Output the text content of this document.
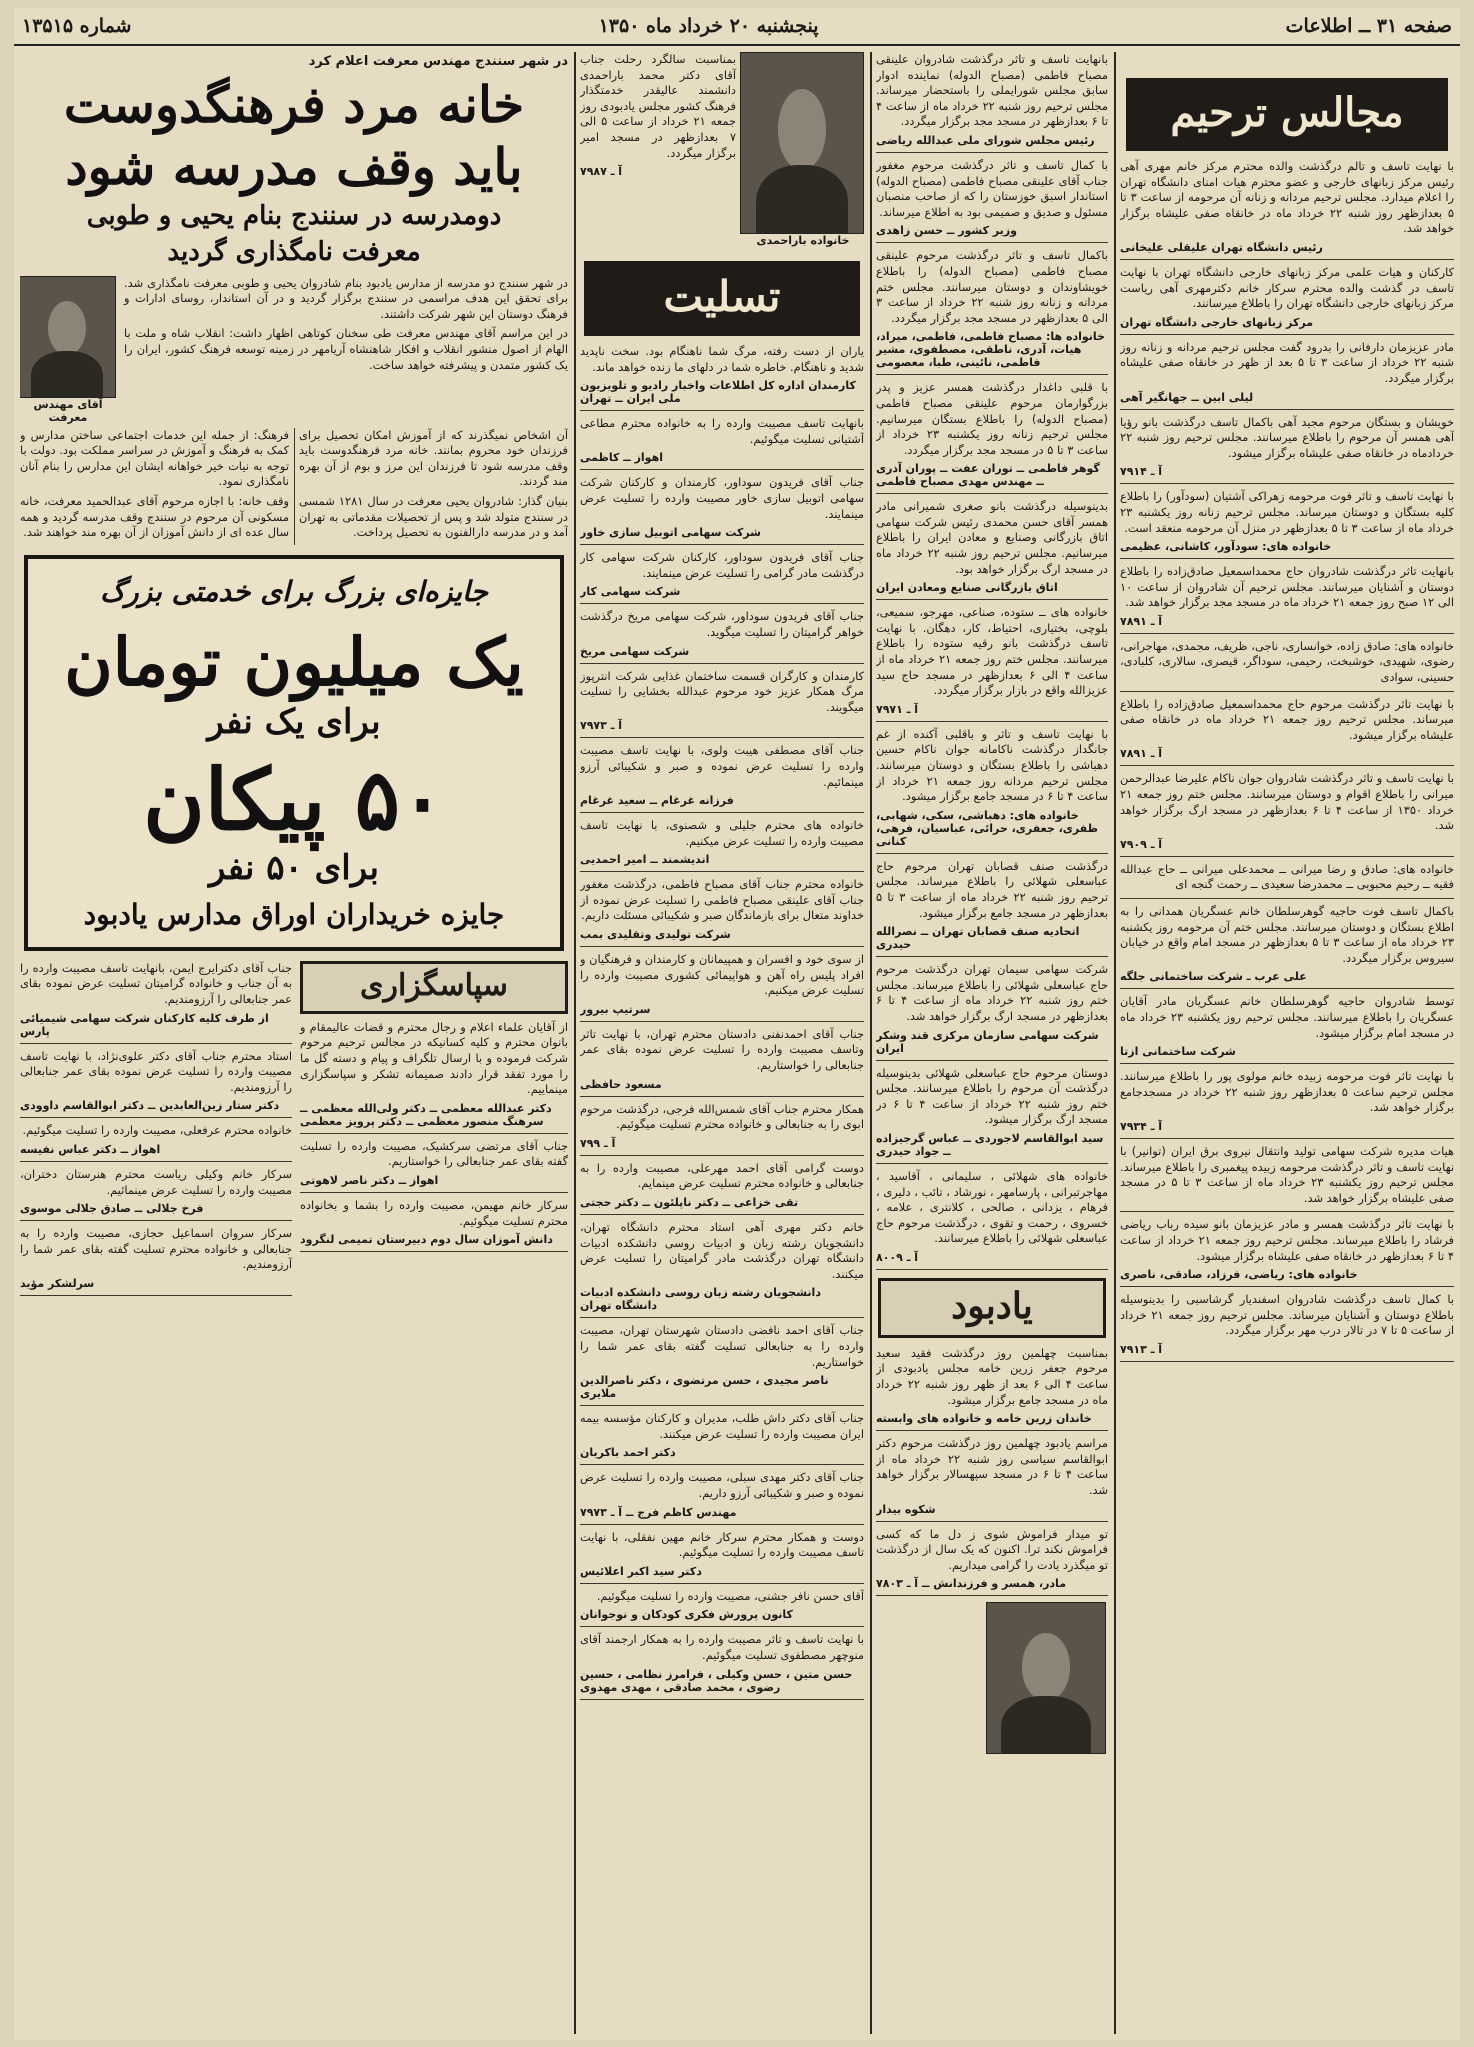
صفحه ۳۱ ــ اطلاعات
پنجشنبه ۲۰ خرداد ماه ۱۳۵۰
شماره ۱۳۵۱۵
مجالس ترحیم

با نهایت تاسف و تالم درگذشت والده محترم مرکز خانم مهری آهی رئیس مرکز زبانهای خارجی و عضو محترم هیات امنای دانشگاه تهران را اعلام میدارد. مجلس ترحیم مردانه و زنانه آن مرحومه از ساعت ۳ تا ۵ بعدازظهر روز شنبه ۲۲ خرداد ماه در خانقاه صفی علیشاه برگزار خواهد شد.

رئیس دانشگاه تهران عليقلی علیخانی

کارکنان و هیات علمی مرکز زبانهای خارجی دانشگاه تهران با نهایت تاسف در گذشت والده محترم سرکار خانم دکترمهری آهی ریاست مرکز زبانهای خارجی دانشگاه تهران را باطلاع میرسانند.

مرکز زبانهای خارجی دانشگاه تهران

مادر عزیزمان دارفانی را بدرود گفت مجلس ترحیم مردانه و زنانه روز شنبه ۲۲ خرداد از ساعت ۳ تا ۵ بعد از ظهر در خانقاه صفی علیشاه برگزار میگردد.

لیلی ابین ــ جهانگیر آهی

خویشان و بستگان مرحوم مجید آهی باکمال تاسف درگذشت بانو رؤیا آهی همسر آن مرحوم را باطلاع میرسانند. مجلس ترحیم روز شنبه ۲۲ خردادماه در خانقاه صفی علیشاه برگزار میشود.

آ ـ ۷۹۱۴

با نهایت تاسف و تاثر فوت مرحومه زهراکی آشتیان (سودآور) را باطلاع کلیه بستگان و دوستان میرساند. مجلس ترحیم زنانه روز یکشنبه ۲۳ خرداد ماه از ساعت ۳ تا ۵ بعدازظهر در منزل آن مرحومه منعقد است.

خانواده های: سودآور، کاشانی، عظیمی

بانهایت تاثر درگذشت شادروان حاج محمداسمعیل صادق‌زاده را باطلاع دوستان و آشنایان میرسانند. مجلس ترحیم آن شادروان از ساعت ۱۰ الی ۱۲ صبح روز جمعه ۲۱ خرداد ماه در مسجد مجد برگزار خواهد شد.

آ ـ ۷۸۹۱

خانواده های: صادق زاده، خوانساری، ناجی، ظریف، مجمدی، مهاجرانی، رضوی، شهیدی، خوشبخت، رحیمی، سوداگر، قیصری، سالاری، کلبادی، حسینی، سوادی

با نهایت تاثر درگذشت مرحوم حاج محمداسمعیل صادق‌زاده را باطلاع میرساند. مجلس ترحیم روز جمعه ۲۱ خرداد ماه در خانقاه صفی علیشاه برگزار میشود.

آ ـ ۷۸۹۱

با نهایت تاسف و تاثر درگذشت شادروان جوان ناکام علیرضا عبدالرحمن میرانی را باطلاع اقوام و دوستان میرسانند. مجلس ختم روز جمعه ۲۱ خرداد ۱۳۵۰ از ساعت ۴ تا ۶ بعدازظهر در مسجد ارگ برگزار خواهد شد.

آ ـ ۷۹۰۹

خانواده های: صادق و رضا میرانی ــ محمدعلی میرانی ــ حاج عبدالله فقیه ــ رحیم محبوبی ــ محمدرضا سعیدی ــ رحمت گنجه ای

باکمال تاسف فوت حاجیه گوهرسلطان خانم عسگریان همدانی را به اطلاع بستگان و دوستان میرسانند. مجلس ختم آن مرحومه روز یکشنبه ۲۳ خرداد ماه از ساعت ۳ تا ۵ بعدازظهر در مسجد امام واقع در خیابان سیروس برگزار میگردد.

علی عرب ـ شرکت ساختمانی جلگه

توسط شادروان حاجیه گوهرسلطان خانم عسگریان مادر آقایان عسگریان را باطلاع میرسانند. مجلس ترحیم روز یکشنبه ۲۳ خرداد ماه در مسجد امام برگزار میشود.

شرکت ساختمانی ازتا

با نهایت تاثر فوت مرحومه زبیده خانم مولوی پور را باطلاع میرسانند. مجلس ترحیم ساعت ۵ بعدازظهر روز شنبه ۲۲ خرداد در مسجدجامع برگزار خواهد شد.

آ ـ ۷۹۳۴

هیات مدیره شرکت سهامی تولید وانتقال نیروی برق ایران (توانیر) با نهایت تاسف و تاثر درگذشت مرحومه زبیده پیغمبری را باطلاع میرساند. مجلس ترحیم روز یکشنبه ۲۳ خرداد ماه از ساعت ۳ تا ۵ در مسجد صفی علیشاه برگزار خواهد شد.

با نهایت تاثر درگذشت همسر و مادر عزیزمان بانو سیده رباب ریاضی فرشاد را باطلاع میرساند. مجلس ترحیم روز جمعه ۲۱ خرداد از ساعت ۴ تا ۶ بعدازظهر در خانقاه صفی علیشاه برگزار میشود.

خانواده های: ریاضی، فرزاد، صادقی، ناصری

با کمال تاسف درگذشت شادروان اسفندیار گرشاسبی را بدینوسیله باطلاع دوستان و آشنایان میرساند. مجلس ترحیم روز جمعه ۲۱ خرداد از ساعت ۵ تا ۷ در تالار درب مهر برگزار میگردد.

آ ـ ۷۹۱۳

بانهایت تاسف و تاثر درگذشت شادروان علینقی مصباح فاطمی (مصباح الدوله) نماینده ادوار سابق مجلس شورایملی را باستحضار میرساند. مجلس ترحیم روز شنبه ۲۲ خرداد ماه از ساعت ۴ تا ۶ بعدازظهر در مسجد مجد برگزار میگردد.

رئیس مجلس شورای ملی عبدالله ریاضی

با کمال تاسف و تاثر درگذشت مرحوم مغفور جناب آقای علینقی مصباح فاطمی (مصباح الدوله) استاندار اسبق خوزستان را که از صاحب منصبان مسئول و صدیق و صمیمی بود به اطلاع میرساند.

وزیر کشور ــ حسن زاهدی

باکمال تاسف و تاثر درگذشت مرحوم علینقی مصباح فاطمی (مصباح الدوله) را باطلاع خویشاوندان و دوستان میرسانند. مجلس ختم مردانه و زنانه روز شنبه ۲۲ خرداد از ساعت ۳ الی ۵ بعدازظهر در مسجد مجد برگزار میگردد.

خانواده ها: مصباح فاطمی، فاطمی، میراد، هیات، آدری، ناطقی، مصطفوی، مشیر فاطمی، نائینی، طبا، معصومی

با قلبی داغدار درگذشت همسر عزیز و پدر بزرگوارمان مرحوم علینقی مصباح فاطمی (مصباح الدوله) را باطلاع بستگان میرسانیم. مجلس ترحیم زنانه روز یکشنبه ۲۳ خرداد از ساعت ۳ تا ۵ در مسجد مجد برگزار میگردد.

گوهر فاطمی ــ توران عفت ــ پوران آذری ــ مهندس مهدی مصباح فاطمی

بدینوسیله درگذشت بانو صغری شمیرانی مادر همسر آقای حسن محمدی رئیس شرکت سهامی اتاق بازرگانی وصنایع و معادن ایران را باطلاع میرسانیم. مجلس ترحیم روز شنبه ۲۲ خرداد ماه در مسجد ارگ برگزار خواهد بود.

اتاق بازرگانی صنایع ومعادن ایران

خانواده های ــ ستوده، صناعی، مهرجو، سمیعی، بلوچی، بختیاری، احتیاط، کار، دهگان. با نهایت تاسف درگذشت بانو رقیه ستوده را باطلاع میرسانند. مجلس ختم روز جمعه ۲۱ خرداد ماه از ساعت ۴ الی ۶ بعدازظهر در مسجد حاج سید عزیزالله واقع در بازار برگزار میگردد.

آ ـ ۷۹۷۱

با نهایت تاسف و تاثر و باقلبی آکنده از غم جانگداز درگذشت ناکامانه جوان ناکام حسین دهباشی را باطلاع بستگان و دوستان میرسانند. مجلس ترحیم مردانه روز جمعه ۲۱ خرداد از ساعت ۴ تا ۶ در مسجد جامع برگزار میشود.

خانواده های: دهباشی، سکی، شهابی، ظفری، جعفری، حرائی، عباسیان، فرهی، کنانی

درگذشت صنف قصابان تهران مرحوم حاج عباسعلی شهلائی را باطلاع میرساند. مجلس ترحیم روز شنبه ۲۲ خرداد ماه از ساعت ۳ تا ۵ بعدازظهر در مسجد جامع برگزار میشود.

اتحادیه صنف قصابان تهران ــ نصرالله حیدری

شرکت سهامی سیمان تهران درگذشت مرحوم حاج عباسعلی شهلائی را باطلاع میرساند. مجلس ختم روز شنبه ۲۲ خرداد ماه از ساعت ۴ تا ۶ بعدازظهر در مسجد ارگ برگزار خواهد شد.

شرکت سهامی سازمان مرکزی قند وشکر ایران

دوستان مرحوم حاج عباسعلی شهلائی بدینوسیله درگذشت آن مرحوم را باطلاع میرسانند. مجلس ختم روز شنبه ۲۲ خرداد از ساعت ۴ تا ۶ در مسجد ارگ برگزار میشود.

سید ابوالقاسم لاجوردی ــ عباس گرجیزاده ــ جواد حیدری

خانواده های شهلائی ، سلیمانی ، آقاسید ، مهاجرتبرانی ، پارسامهر ، نورشاد ، تائب ، دلیری ، فرهام ، یزدانی ، صالحی ، کلانتری ، علامه ، خسروی ، رحمت و تقوی ، درگذشت مرحوم حاج عباسعلی شهلائی را باطلاع میرسانند.

آ ـ ۸۰۰۹

یادبود

بمناسبت چهلمین روز درگذشت فقید سعید مرحوم جعفر زرین خامه مجلس یادبودی از ساعت ۴ الی ۶ بعد از ظهر روز شنبه ۲۲ خرداد ماه در مسجد جامع برگزار میشود.

خاندان زرین خامه و خانواده های وابسته

مراسم یادبود چهلمین روز درگذشت مرحوم دکتر ابوالقاسم سیاسی روز شنبه ۲۲ خرداد ماه از ساعت ۴ تا ۶ در مسجد سپهسالار برگزار خواهد شد.

شکوه بیدار

تو میدار فراموش شوی ز دل ما که کسی فراموش نکند ترا. اکنون که یک سال از درگذشت تو میگذرد یادت را گرامی میداریم.

مادر، همسر و فرزندانش ــ آ ـ ۷۸۰۳

خانواده باراحمدی

بمناسبت سالگرد رحلت جناب آقای دکتر محمد باراحمدی دانشمند عالیقدر خدمتگذار فرهنگ کشور مجلس یادبودی روز جمعه ۲۱ خرداد از ساعت ۵ الی ۷ بعدازظهر در مسجد امیر برگزار میگردد.

آ ـ ۷۹۸۷

تسلیت

یاران از دست رفته، مرگ شما ناهنگام بود. سخت ناپدید شدید و ناهنگام. خاطره شما در دلهای ما زنده خواهد ماند.

کارمندان اداره کل اطلاعات واخبار رادیو و تلویزیون ملی ایران ــ تهران

بانهایت تاسف مصیبت وارده را به خانواده محترم مطاعی آشتیانی تسلیت میگوئیم.

اهواز ــ کاظمی

جناب آقای فریدون سوداور، کارمندان و کارکنان شرکت سهامی اتوبیل سازی خاور مصیبت وارده را تسلیت عرض مینمایند.

شرکت سهامی اتوبیل سازی خاور

جناب آقای فریدون سوداور، کارکنان شرکت سهامی کار درگذشت مادر گرامی را تسلیت عرض مینمایند.

شرکت سهامی کار

جناب آقای فریدون سوداور، شرکت سهامی مریخ درگذشت خواهر گرامیتان را تسلیت میگوید.

شرکت سهامی مریخ

کارمندان و کارگران قسمت ساختمان غذایی شرکت انترپوز مرگ همکار عزیز خود مرحوم عبدالله بخشایی را تسلیت میگویند.

آ ـ ۷۹۷۳

جناب آقای مصطفی هیبت ولوی، با نهایت تاسف مصیبت وارده را تسلیت عرض نموده و صبر و شکیبائی آرزو مینمائیم.

فرزانه غرغام ــ سعید غرغام

خانواده های محترم جلیلی و شصنوی، با نهایت تاسف مصیبت وارده را تسلیت عرض میکنیم.

اندیشمند ــ امیر احمدیی

خانواده محترم جناب آقای مصباح فاطمی، درگذشت مغفور جناب آقای علینقی مصباح فاطمی را تسلیت عرض نموده از خداوند متعال برای بازماندگان صبر و شکیبائی مسئلت داریم.

شرکت تولیدی وتقلیدی بمب

از سوی خود و افسران و همپیمانان و کارمندان و فرهنگیان و افراد پلیس راه آهن و هواپیمائی کشوری مصیبت وارده را تسلیت عرض میکنیم.

سرتیپ بیرور

جناب آقای احمدنفنی دادستان محترم تهران، با نهایت تاثر وتاسف مصیبت وارده را تسلیت عرض نموده بقای عمر جنابعالی را خواستاریم.

مسعود حافظی

همکار محترم جناب آقای شمس‌الله فرجی، درگذشت مرحوم ابوی را به جنابعالی و خانواده محترم تسلیت میگوئیم.

آ ـ ۷۹۹

دوست گرامی آقای احمد مهرعلی، مصیبت وارده را به جنابعالی و خانواده محترم تسلیت عرض مینمایم.

تقی خزاعی ــ دکتر ناپلئون ــ دکتر حجتی

خانم دکتر مهری آهی استاد محترم دانشگاه تهران، دانشجویان رشته زبان و ادبیات روسی دانشکده ادبیات دانشگاه تهران درگذشت مادر گرامیتان را تسلیت عرض میکنند.

دانشجویان رشته زبان روسی دانشکده ادبیات دانشگاه تهران

جناب آقای احمد نافضی دادستان شهرستان تهران، مصیبت وارده را به جنابعالی تسلیت گفته بقای عمر شما را خواستاریم.

ناصر مجیدی ، حسن مرتضوی ، دکتر ناصرالدین ملایری

جناب آقای دکتر داش طلب، مدیران و کارکنان مؤسسه بیمه ایران مصیبت وارده را تسلیت عرض میکنند.

دکتر احمد باکریان

جناب آقای دکتر مهدی سبلی، مصیبت وارده را تسلیت عرض نموده و صبر و شکیبائی آرزو داریم.

مهندس کاظم فرج ــ آ ـ ۷۹۷۳

دوست و همکار محترم سرکار خانم مهین نفقلی، با نهایت تاسف مصیبت وارده را تسلیت میگوئیم.

دکتر سید اکبر اعلائیس

آقای حسن نافر جشنی، مصیبت وارده را تسلیت میگوئیم.

کانون پرورش فکری کودکان و نوجوانان

با نهایت تاسف و تاثر مصیبت وارده را به همکار ارجمند آقای منوچهر مصطفوی تسلیت میگوئیم.

حسن متین ، حسن وکیلی ، فرامرز نظامی ، حسین رضوی ، محمد صادقی ، مهدی مهدوی

در شهر سنندج مهندس معرفت اعلام کرد

خانه مرد فرهنگدوست
باید وقف مدرسه شود
دومدرسه در سنندج بنام یحیی و طوبی
معرفت نامگذاری گردید

در شهر سنندج دو مدرسه از مدارس یادبود بنام شادروان یحیی و طوبی معرفت نامگذاری شد. برای تحقق این هدف مراسمی در سنندج برگزار گردید و در آن استاندار، روسای ادارات و فرهنگ دوستان این شهر شرکت داشتند.

در این مراسم آقای مهندس معرفت طی سخنان کوتاهی اظهار داشت: انقلاب شاه و ملت با الهام از اصول منشور انقلاب و افکار شاهنشاه آریامهر در زمینه توسعه فرهنگ کشور، ایران را یک کشور متمدن و پیشرفته خواهد ساخت.

آقای مهندس معرفت

آن اشخاص نمیگذرند که از آموزش امکان تحصیل برای فرزندان خود محروم بمانند. خانه مرد فرهنگدوست باید وقف مدرسه شود تا فرزندان این مرز و بوم از آن بهره مند گردند.

بنیان گذار: شادروان یحیی معرفت در سال ۱۲۸۱ شمسی در سنندج متولد شد و پس از تحصیلات مقدماتی به تهران آمد و در مدرسه دارالفنون به تحصیل پرداخت.

فرهنگ: از جمله این خدمات اجتماعی ساختن مدارس و کمک به فرهنگ و آموزش در سراسر مملکت بود. دولت با توجه به نیات خیر خواهانه ایشان این مدارس را بنام آنان نامگذاری نمود.

وقف خانه: با اجازه مرحوم آقای عبدالحمید معرفت، خانه مسکونی آن مرحوم در سنندج وقف مدرسه گردید و همه سال عده ای از دانش آموزان از آن بهره مند خواهند شد.

جایزه‌ای بزرگ برای خدمتی بزرگ

یک میلیون تومان

برای یک نفر

۵۰ پیکان

برای ۵۰ نفر

جایزه خریداران اوراق مدارس یادبود

سپاسگزاری

از آقایان علماء اعلام و رجال محترم و قضات عالیمقام و بانوان محترم و کلیه کسانیکه در مجالس ترحیم مرحوم شرکت فرموده و با ارسال تلگراف و پیام و دسته گل ما را مورد تفقد قرار دادند صمیمانه تشکر و سپاسگزاری مینماییم.

دکتر عبدالله معظمی ــ دکتر ولی‌الله معظمی ــ سرهنگ منصور معظمی ــ دکتر پرویز معظمی

جناب آقای مرتضی سرکشیک، مصیبت وارده را تسلیت گفته بقای عمر جنابعالی را خواستاریم.

اهواز ــ دکتر ناصر لاهوتی

سرکار خانم مهیمن، مصیبت وارده را بشما و بخانواده محترم تسلیت میگوئیم.

دانش آموزان سال دوم دبیرستان تمیمی لنگرود

جناب آقای دکترایرج ایمن، بانهایت تاسف مصیبت وارده را به آن جناب و خانواده گرامیتان تسلیت عرض نموده بقای عمر جنابعالی را آرزومندیم.

از طرف کلیه کارکنان شرکت سهامی شیمیائی پارس

استاد محترم جناب آقای دکتر علوی‌نژاد، با نهایت تاسف مصیبت وارده را تسلیت عرض نموده بقای عمر جنابعالی را آرزومندیم.

دکتر ستار زین‌العابدین ــ دکتر ابوالقاسم داوودی

خانواده محترم عرفعلی، مصیبت وارده را تسلیت میگوئیم.

اهواز ــ دکتر عباس نفیسه

سرکار خانم وکیلی ریاست محترم هنرستان دختران، مصیبت وارده را تسلیت عرض مینمائیم.

فرخ جلالی ــ صادق جلالی موسوی

سرکار سروان اسماعیل حجازی، مصیبت وارده را به جنابعالی و خانواده محترم تسلیت گفته بقای عمر شما را آرزومندیم.

سرلشکر مؤید
